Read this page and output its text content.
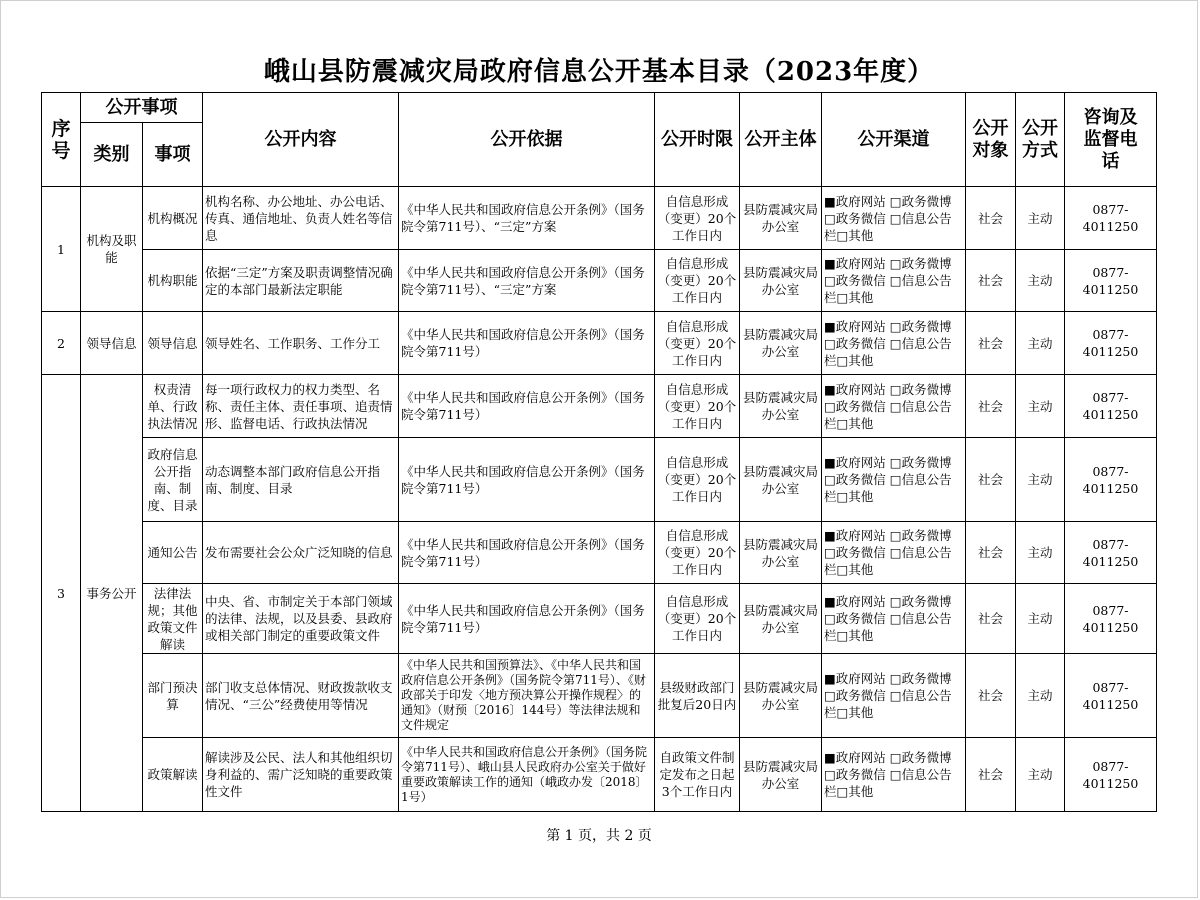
峨山县防震减灾局政府信息公开基本目录（2023年度）
序号	公开事项		公开内容	公开依据	公开时限	公开主体	公开渠道	公开对象	公开方式	咨询及监督电话
	类别	事项								
1	机构及职能	机构概况	机构名称、办公地址、办公电话、传真、通信地址、负责人姓名等信息	《中华人民共和国政府信息公开条例》（国务院令第711号）、“三定”方案	自信息形成（变更）20个工作日内	县防震减灾局办公室	■政府网站 □政务微博□政务微信 □信息公告栏□其他	社会	主动	0877-4011250
		机构职能	依据“三定”方案及职责调整情况确定的本部门最新法定职能	《中华人民共和国政府信息公开条例》（国务院令第711号）、“三定”方案	自信息形成（变更）20个工作日内	县防震减灾局办公室	■政府网站 □政务微博□政务微信 □信息公告栏□其他	社会	主动	0877-4011250
2	领导信息	领导信息	领导姓名、工作职务、工作分工	《中华人民共和国政府信息公开条例》（国务院令第711号）	自信息形成（变更）20个工作日内	县防震减灾局办公室	■政府网站 □政务微博□政务微信 □信息公告栏□其他	社会	主动	0877-4011250
3	事务公开	权责清单、行政执法情况	每一项行政权力的权力类型、名称、责任主体、责任事项、追责情形、监督电话、行政执法情况	《中华人民共和国政府信息公开条例》（国务院令第711号）	自信息形成（变更）20个工作日内	县防震减灾局办公室	■政府网站 □政务微博□政务微信 □信息公告栏□其他	社会	主动	0877-4011250
		政府信息公开指南、制度、目录	动态调整本部门政府信息公开指南、制度、目录	《中华人民共和国政府信息公开条例》（国务院令第711号）	自信息形成（变更）20个工作日内	县防震减灾局办公室	■政府网站 □政务微博□政务微信 □信息公告栏□其他	社会	主动	0877-4011250
		通知公告	发布需要社会公众广泛知晓的信息	《中华人民共和国政府信息公开条例》（国务院令第711号）	自信息形成（变更）20个工作日内	县防震减灾局办公室	■政府网站 □政务微博□政务微信 □信息公告栏□其他	社会	主动	0877-4011250
		法律法规；其他政策文件解读	中央、省、市制定关于本部门领域的法律、法规，以及县委、县政府或相关部门制定的重要政策文件	《中华人民共和国政府信息公开条例》（国务院令第711号）	自信息形成（变更）20个工作日内	县防震减灾局办公室	■政府网站 □政务微博□政务微信 □信息公告栏□其他	社会	主动	0877-4011250
		部门预决算	部门收支总体情况、财政拨款收支情况、“三公”经费使用等情况	《中华人民共和国预算法》、《中华人民共和国政府信息公开条例》（国务院令第711号）、《财政部关于印发〈地方预决算公开操作规程〉的通知》（财预〔2016〕144号）等法律法规和文件规定	县级财政部门批复后20日内	县防震减灾局办公室	■政府网站 □政务微博□政务微信 □信息公告栏□其他	社会	主动	0877-4011250
		政策解读	解读涉及公民、法人和其他组织切身利益的、需广泛知晓的重要政策性文件	《中华人民共和国政府信息公开条例》（国务院令第711号）、峨山县人民政府办公室关于做好重要政策解读工作的通知（峨政办发〔2018〕1号）	自政策文件制定发布之日起3个工作日内	县防震减灾局办公室	■政府网站 □政务微博□政务微信 □信息公告栏□其他	社会	主动	0877-4011250
第 1 页，共 2 页
